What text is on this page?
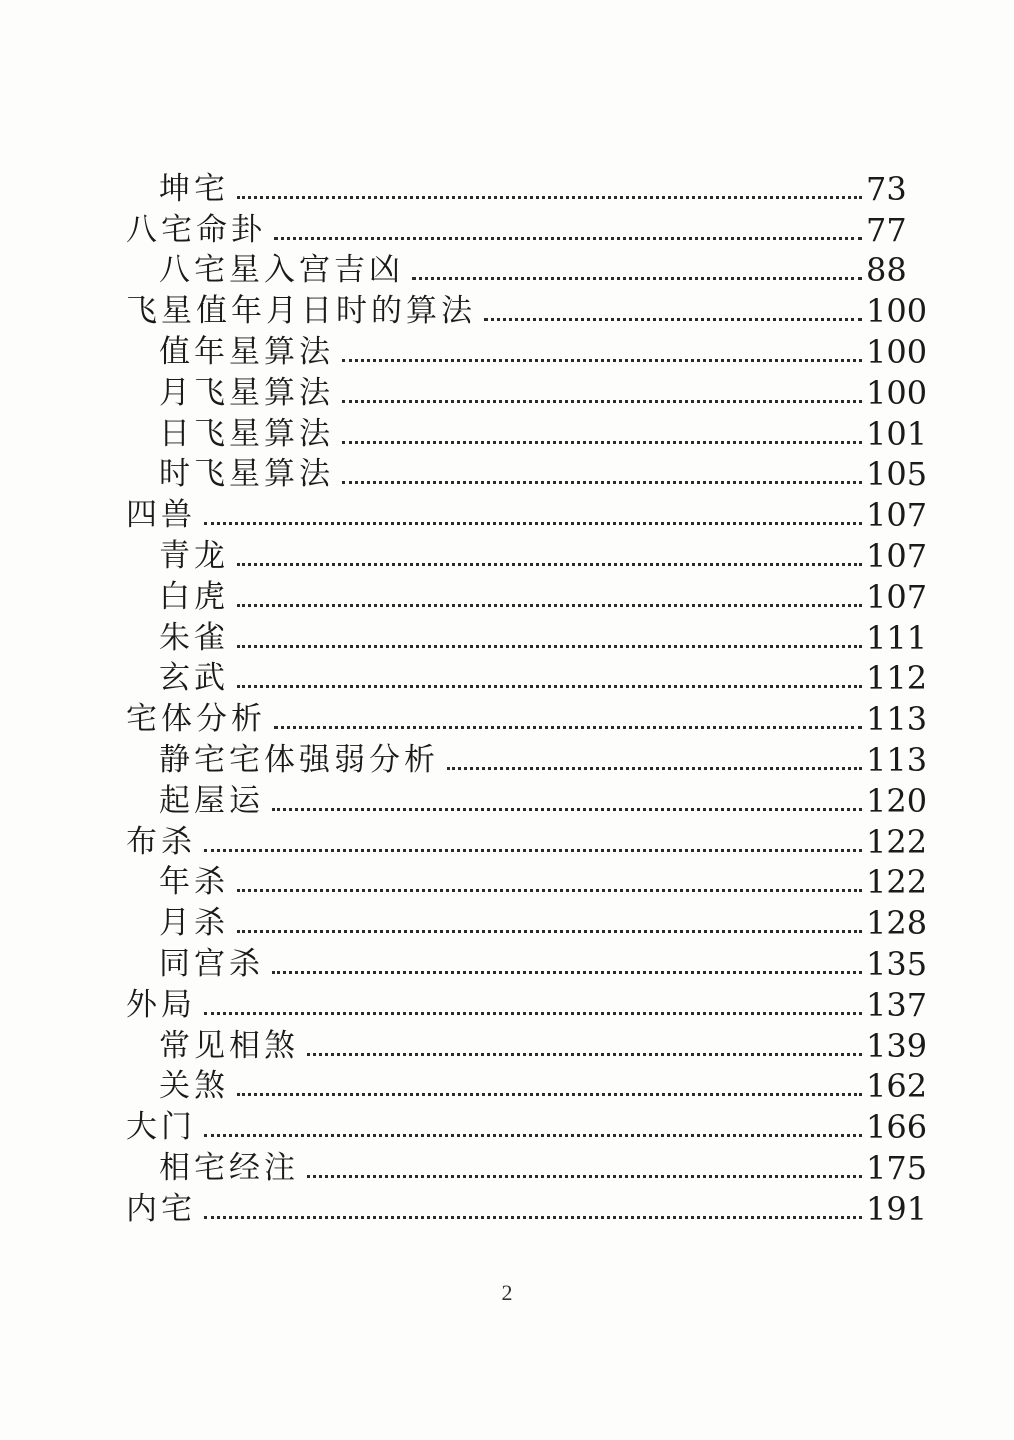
坤宅	73
八宅命卦	77
八宅星入宫吉凶	88
飞星值年月日时的算法	100
值年星算法	100
月飞星算法	100
日飞星算法	101
时飞星算法	105
四兽	107
青龙	107
白虎	107
朱雀	111
玄武	112
宅体分析	113
静宅宅体强弱分析	113
起屋运	120
布杀	122
年杀	122
月杀	128
同宫杀	135
外局	137
常见相煞	139
关煞	162
大门	166
相宅经注	175
内宅	191
2
